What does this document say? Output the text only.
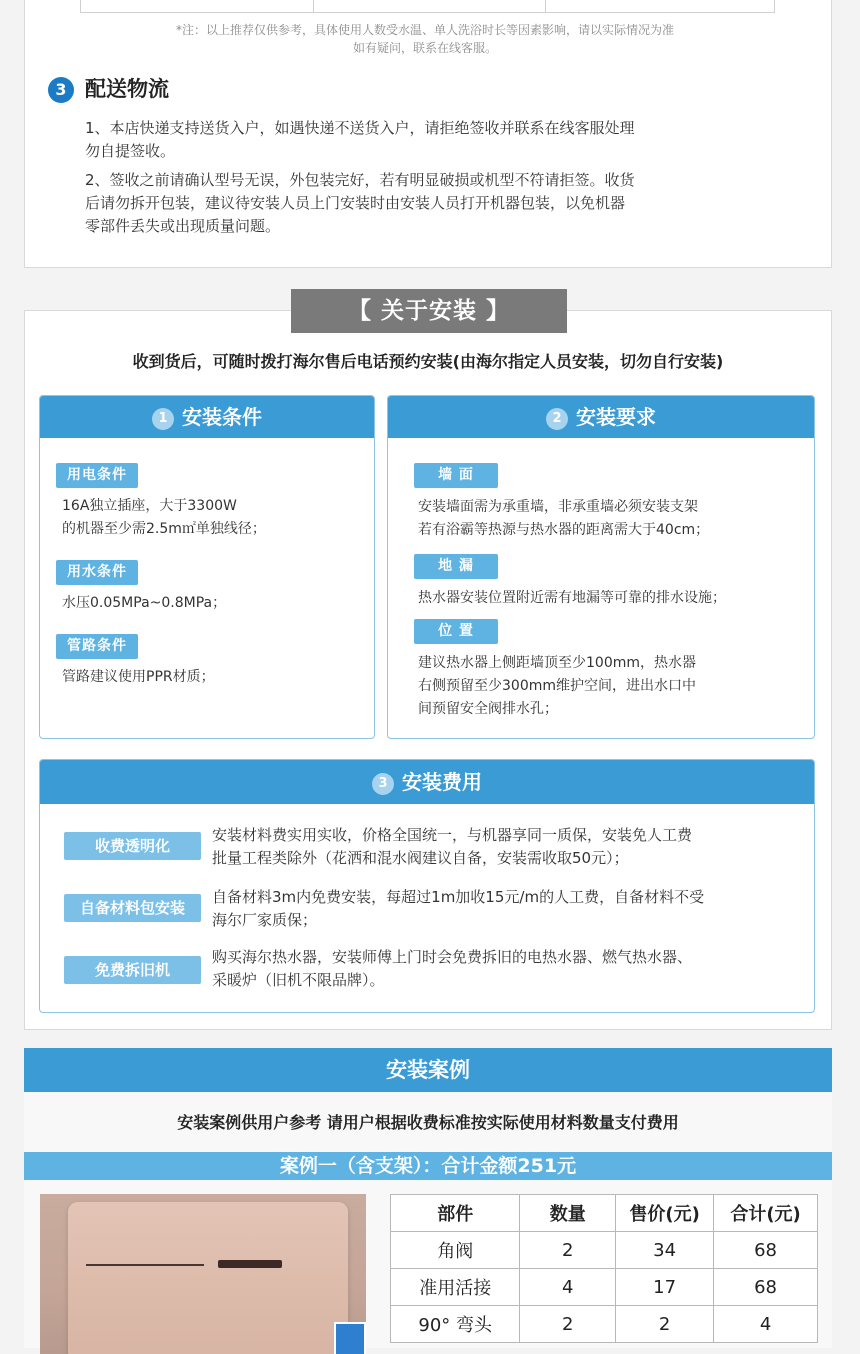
*注：以上推荐仅供参考，具体使用人数受水温、单人洗浴时长等因素影响，请以实际情况为准
如有疑问，联系在线客服。
3 配送物流
1、本店快递支持送货入户，如遇快递不送货入户，请拒绝签收并联系在线客服处理
勿自提签收。
2、签收之前请确认型号无误，外包装完好，若有明显破损或机型不符请拒签。收货
后请勿拆开包装，建议待安装人员上门安装时由安装人员打开机器包装，以免机器
零部件丢失或出现质量问题。
【 关于安装 】
收到货后，可随时拨打海尔售后电话预约安装(由海尔指定人员安装，切勿自行安装)
1 安装条件
用电条件
16A独立插座，大于3300W
的机器至少需2.5m㎡单独线径；
用水条件
水压0.05MPa~0.8MPa；
管路条件
管路建议使用PPR材质；
2 安装要求
墙 面
安装墙面需为承重墙，非承重墙必须安装支架
若有浴霸等热源与热水器的距离需大于40cm；
地 漏
热水器安装位置附近需有地漏等可靠的排水设施；
位 置
建议热水器上侧距墙顶至少100mm，热水器
右侧预留至少300mm维护空间，进出水口中
间预留安全阀排水孔；
3 安装费用
收费透明化
安装材料费实用实收，价格全国统一，与机器享同一质保，安装免人工费
批量工程类除外（花洒和混水阀建议自备，安装需收取50元）；
自备材料包安装
自备材料3m内免费安装，每超过1m加收15元/m的人工费，自备材料不受
海尔厂家质保；
免费拆旧机
购买海尔热水器，安装师傅上门时会免费拆旧的电热水器、燃气热水器、
采暖炉（旧机不限品牌）。
安装案例
安装案例供用户参考 请用户根据收费标准按实际使用材料数量支付费用
案例一（含支架）：合计金额251元
部件	数量	售价(元)	合计(元)
角阀	2	34	68
准用活接	4	17	68
90° 弯头	2	2	4
